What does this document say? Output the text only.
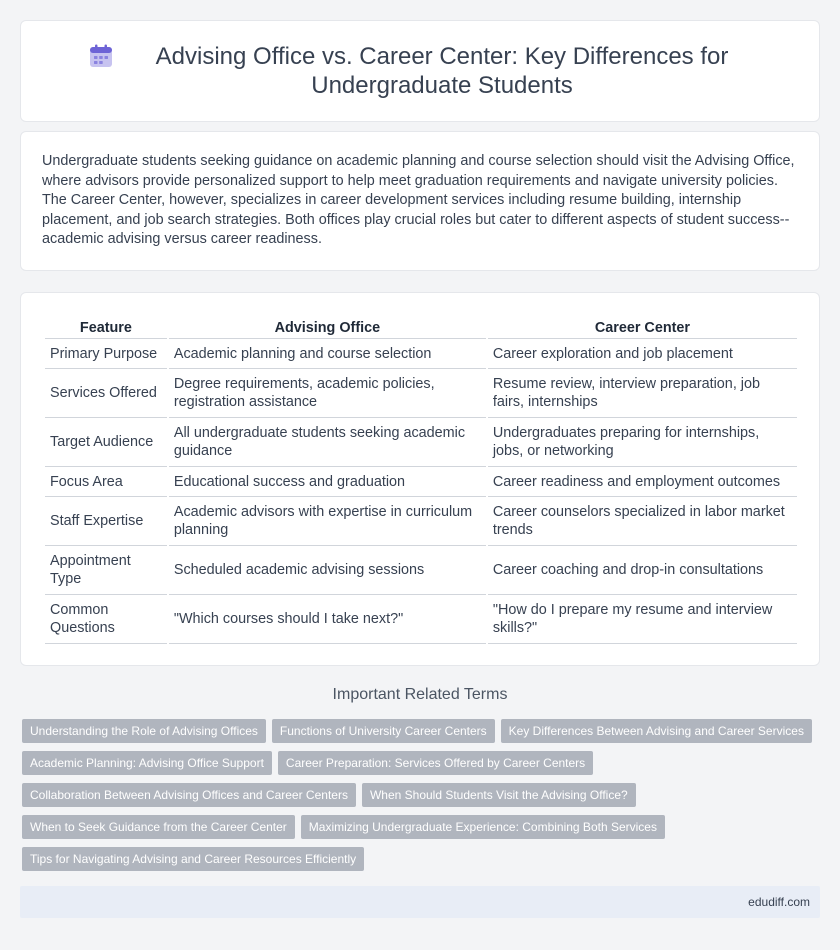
Advising Office vs. Career Center: Key Differences for Undergraduate Students

Undergraduate students seeking guidance on academic planning and course selection should visit the Advising Office, where advisors provide personalized support to help meet graduation requirements and navigate university policies. The Career Center, however, specializes in career development services including resume building, internship placement, and job search strategies. Both offices play crucial roles but cater to different aspects of student success--academic advising versus career readiness.

Feature	Advising Office	Career Center
Primary Purpose	Academic planning and course selection	Career exploration and job placement
Services Offered	Degree requirements, academic policies, registration assistance	Resume review, interview preparation, job fairs, internships
Target Audience	All undergraduate students seeking academic guidance	Undergraduates preparing for internships, jobs, or networking
Focus Area	Educational success and graduation	Career readiness and employment outcomes
Staff Expertise	Academic advisors with expertise in curriculum planning	Career counselors specialized in labor market trends
Appointment Type	Scheduled academic advising sessions	Career coaching and drop-in consultations
Common Questions	"Which courses should I take next?"	"How do I prepare my resume and interview skills?"
Important Related Terms
Understanding the Role of Advising Offices	Functions of University Career Centers	Key Differences Between Advising and Career Services
Academic Planning: Advising Office Support	Career Preparation: Services Offered by Career Centers
Collaboration Between Advising Offices and Career Centers	When Should Students Visit the Advising Office?
When to Seek Guidance from the Career Center	Maximizing Undergraduate Experience: Combining Both Services
Tips for Navigating Advising and Career Resources Efficiently
edudiff.com
